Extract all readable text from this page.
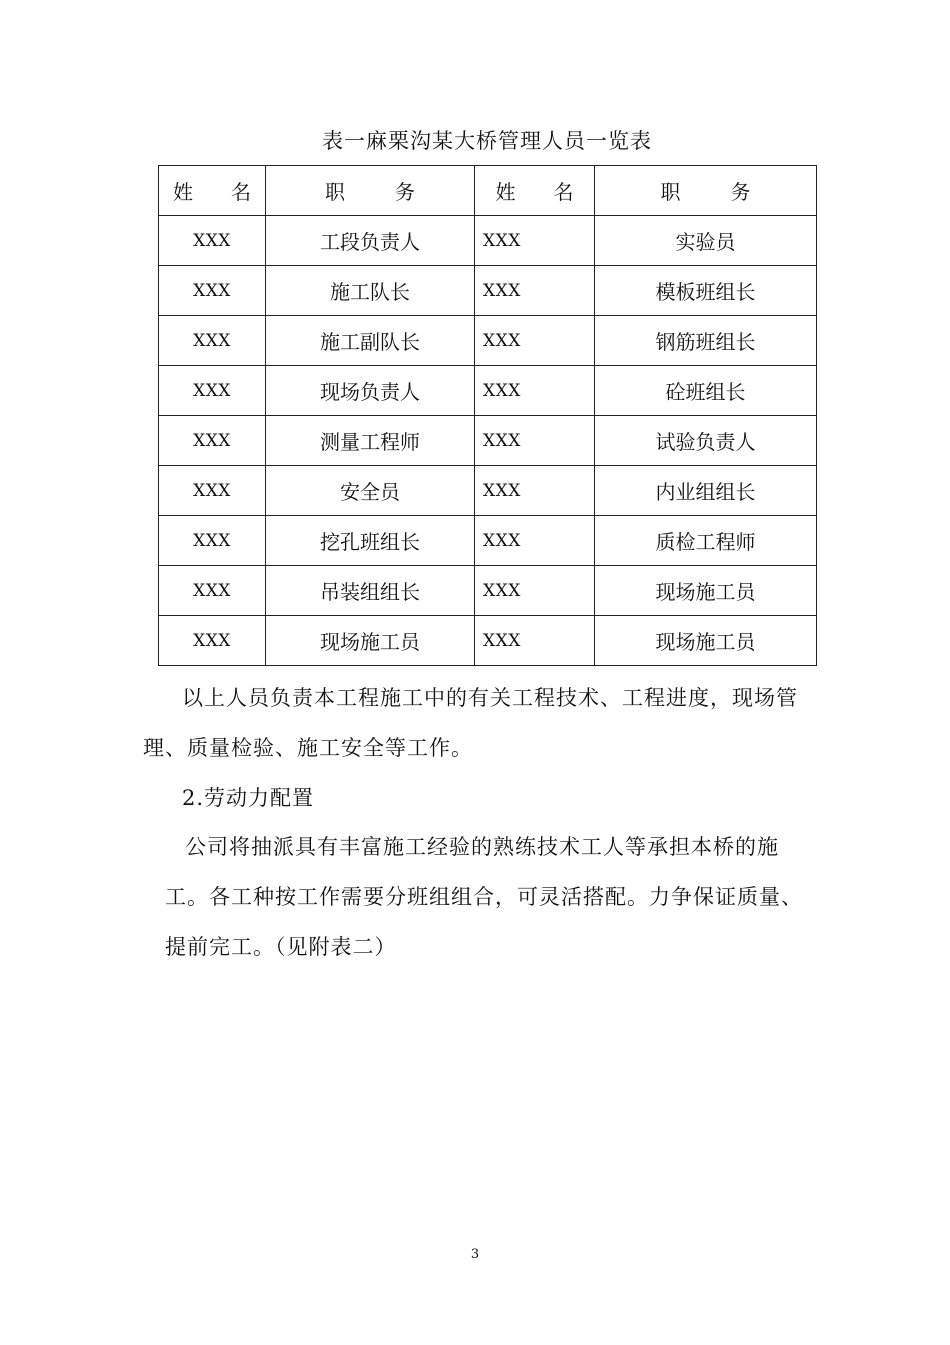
表一麻栗沟某大桥管理人员一览表
姓 名	职 务	姓 名	职 务
XXX	工段负责人	XXX	实验员
XXX	施工队长	XXX	模板班组长
XXX	施工副队长	XXX	钢筋班组长
XXX	现场负责人	XXX	砼班组长
XXX	测量工程师	XXX	试验负责人
XXX	安全员	XXX	内业组组长
XXX	挖孔班组长	XXX	质检工程师
XXX	吊装组组长	XXX	现场施工员
XXX	现场施工员	XXX	现场施工员
以上人员负责本工程施工中的有关工程技术、工程进度，现场管
理、质量检验、施工安全等工作。
2.劳动力配置
公司将抽派具有丰富施工经验的熟练技术工人等承担本桥的施
工。各工种按工作需要分班组组合，可灵活搭配。力争保证质量、
提前完工。（见附表二）
3
